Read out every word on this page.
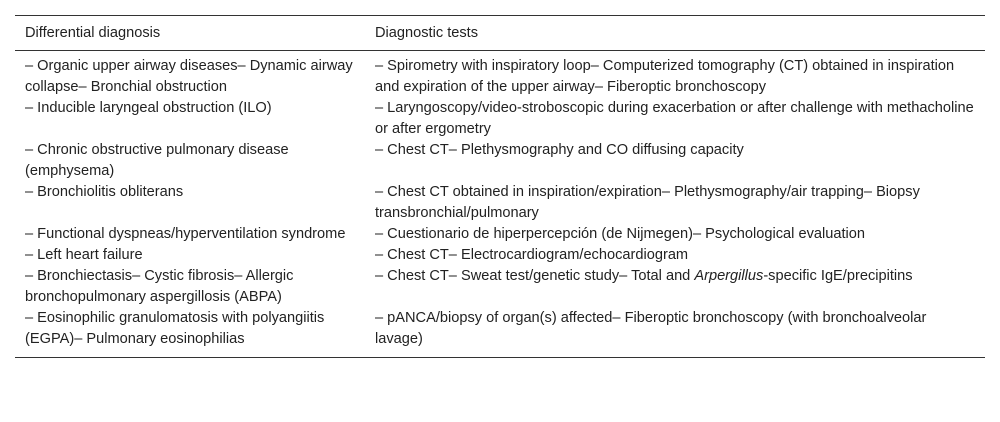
Differential diagnosis	Diagnostic tests
– Organic upper airway diseases– Dynamic airway collapse– Bronchial obstruction	– Spirometry with inspiratory loop– Computerized tomography (CT) obtained in inspiration and expiration of the upper airway– Fiberoptic bronchoscopy
– Inducible laryngeal obstruction (ILO)	– Laryngoscopy/video-stroboscopic during exacerbation or after challenge with methacholine or after ergometry
– Chronic obstructive pulmonary disease (emphysema)	– Chest CT– Plethysmography and CO diffusing capacity
– Bronchiolitis obliterans	– Chest CT obtained in inspiration/expiration– Plethysmography/air trapping– Biopsy transbronchial/pulmonary
– Functional dyspneas/hyperventilation syndrome	– Cuestionario de hiperpercepción (de Nijmegen)– Psychological evaluation
– Left heart failure	– Chest CT– Electrocardiogram/echocardiogram
– Bronchiectasis– Cystic fibrosis– Allergic bronchopulmonary aspergillosis (ABPA)	– Chest CT– Sweat test/genetic study– Total and Arpergillus-specific IgE/precipitins
– Eosinophilic granulomatosis with polyangiitis (EGPA)– Pulmonary eosinophilias	– pANCA/biopsy of organ(s) affected– Fiberoptic bronchoscopy (with bronchoalveolar lavage)
